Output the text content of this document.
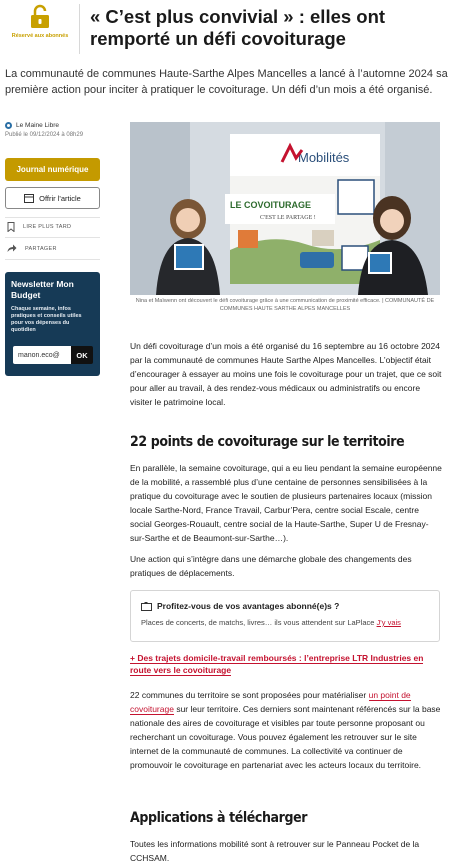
Réservé aux abonnés
« C’est plus convivial » : elles ont remporté un défi covoiturage

La communauté de communes Haute-Sarthe Alpes Mancelles a lancé à l’automne 2024 sa première action pour inciter à pratiquer le covoiturage. Un défi d’un mois a été organisé.

Le Maine Libre
Publié le 09/12/2024 à 08h29
Journal numérique
Offrir l'article
LIRE PLUS TARD
PARTAGER
Newsletter Mon Budget
Chaque semaine, infos pratiques et conseils utiles pour vos dépenses du quotidien
manon.eco@	OK
Mobilités
LE COVOITURAGE
C'EST LE PARTAGE !
Nina et Maïwenn ont découvert le défi covoiturage grâce à une communication de proximité efficace. | COMMUNAUTÉ DE COMMUNES HAUTE SARTHE ALPES MANCELLES

Un défi covoiturage d’un mois a été organisé du 16 septembre au 16 octobre 2024 par la communauté de communes Haute Sarthe Alpes Mancelles. L’objectif était d’encourager à essayer au moins une fois le covoiturage pour un trajet, que ce soit pour aller au travail, à des rendez-vous médicaux ou administratifs ou encore visiter le patrimoine local.

22 points de covoiturage sur le territoire

En parallèle, la semaine covoiturage, qui a eu lieu pendant la semaine européenne de la mobilité, a rassemblé plus d’une centaine de personnes sensibilisées à la pratique du covoiturage avec le soutien de plusieurs partenaires locaux (mission locale Sarthe-Nord, France Travail, Carbur’Pera, centre social Escale, centre social Georges-Rouault, centre social de la Haute-Sarthe, Super U de Fresnay-sur-Sarthe et de Beaumont-sur-Sarthe…).

Une action qui s’intègre dans une démarche globale des changements des pratiques de déplacements.

Profitez-vous de vos avantages abonné(e)s ?
Places de concerts, de matchs, livres… ils vous attendent sur LaPlace J'y vais
+ Des trajets domicile-travail remboursés : l’entreprise LTR Industries en route vers le covoiturage

22 communes du territoire se sont proposées pour matérialiser un point de covoiturage sur leur territoire. Ces derniers sont maintenant référencés sur la base nationale des aires de covoiturage et visibles par toute personne proposant ou recherchant un covoiturage. Vous pouvez également les retrouver sur le site internet de la communauté de communes. La collectivité va continuer de promouvoir le covoiturage en partenariat avec les acteurs locaux du territoire.

Applications à télécharger

Toutes les informations mobilité sont à retrouver sur le Panneau Pocket de la CCHSAM.
